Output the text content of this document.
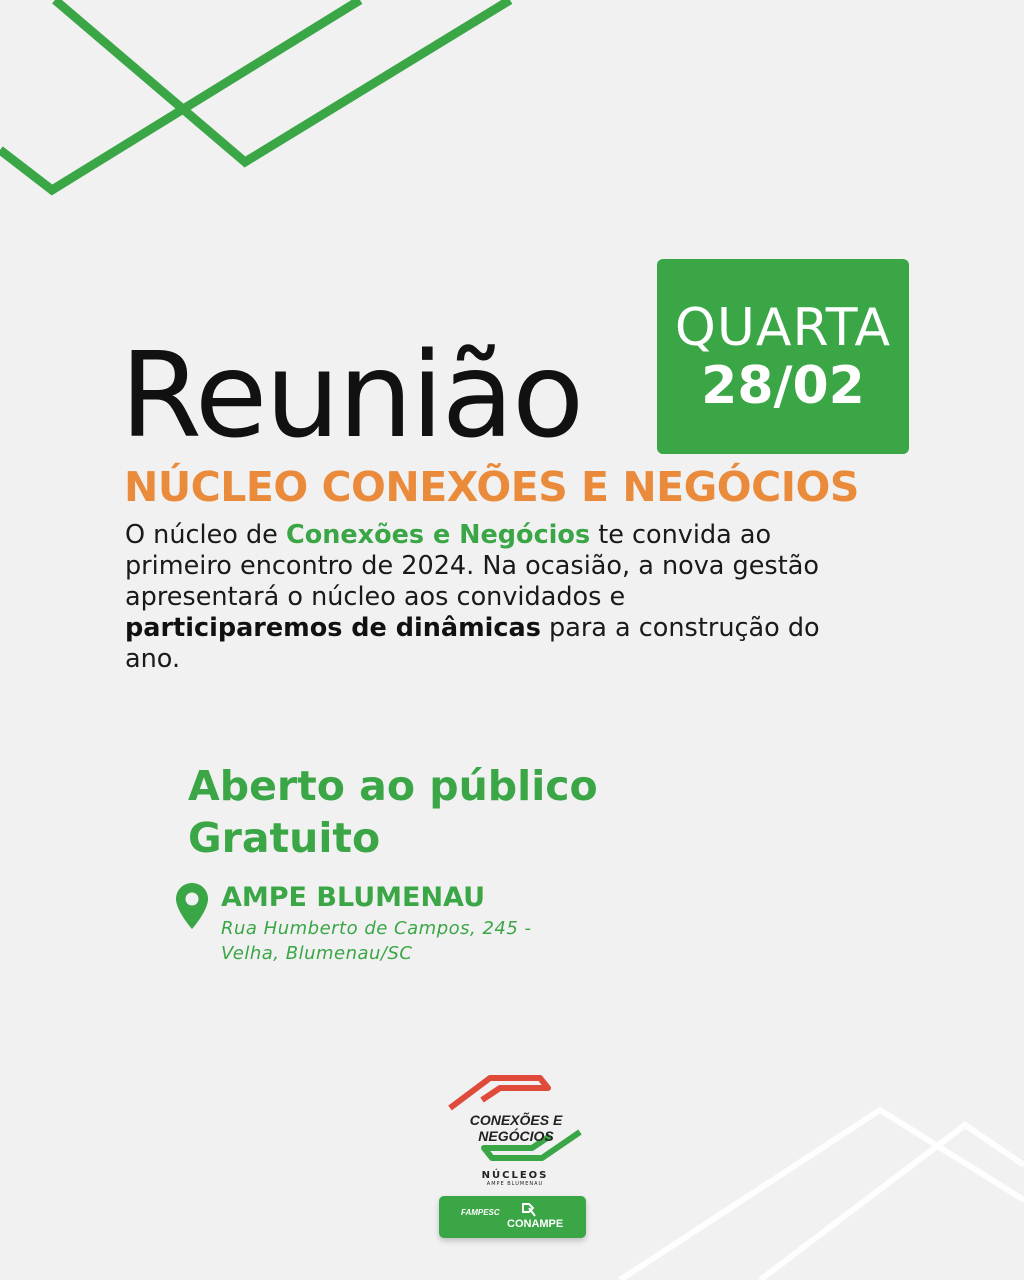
QUARTA
28/02
Reunião
NÚCLEO CONEXÕES E NEGÓCIOS

O núcleo de Conexões e Negócios te convida ao primeiro encontro de 2024. Na ocasião, a nova gestão apresentará o núcleo aos convidados e participaremos de dinâmicas para a construção do ano.

Aberto ao público
Gratuito
AMPE BLUMENAU
Rua Humberto de Campos, 245 -
Velha, Blumenau/SC
CONEXÕES E NEGÓCIOS
NÚCLEOS
AMPE BLUMENAU
FAMPESC
CONAMPE
